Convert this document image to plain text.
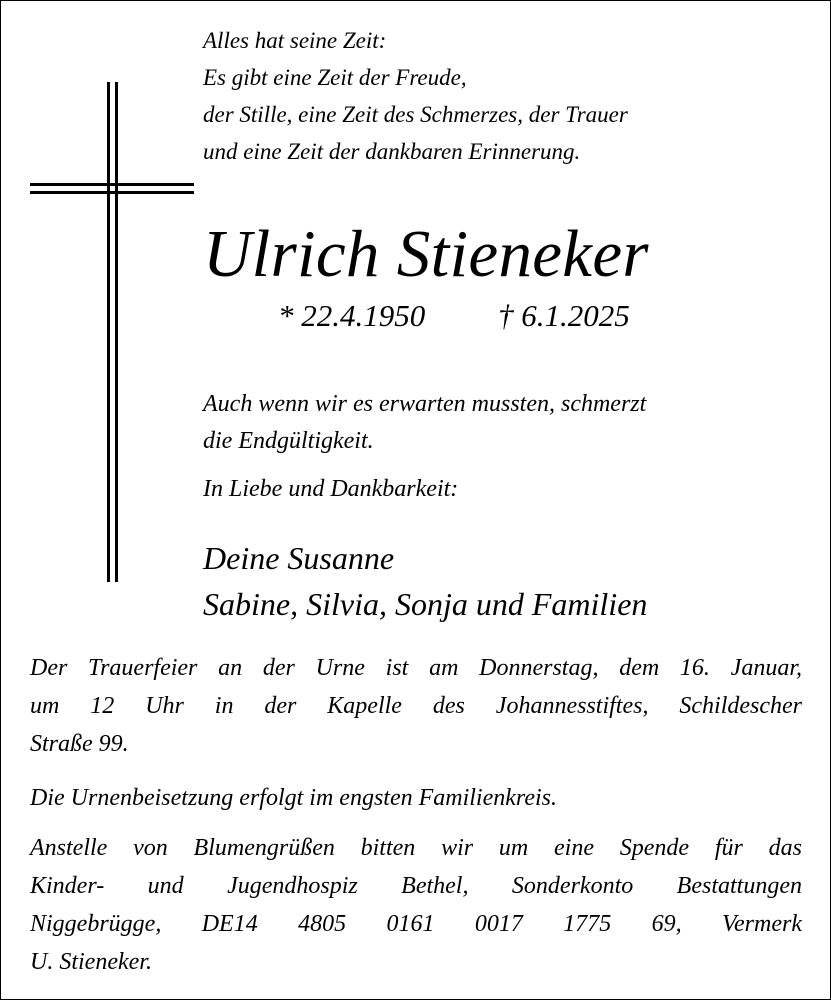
Alles hat seine Zeit:
Es gibt eine Zeit der Freude,
der Stille, eine Zeit des Schmerzes, der Trauer
und eine Zeit der dankbaren Erinnerung.
Ulrich Stieneker
* 22.4.1950 † 6.1.2025
Auch wenn wir es erwarten mussten, schmerzt
die Endgültigkeit.
In Liebe und Dankbarkeit:
Deine Susanne
Sabine, Silvia, Sonja und Familien
Der Trauerfeier an der Urne ist am Donnerstag, dem 16. Januar,
um 12 Uhr in der Kapelle des Johannesstiftes, Schildescher
Straße 99.
Die Urnenbeisetzung erfolgt im engsten Familienkreis.
Anstelle von Blumengrüßen bitten wir um eine Spende für das
Kinder- und Jugendhospiz Bethel, Sonderkonto Bestattungen
Niggebrügge, DE14 4805 0161 0017 1775 69, Vermerk
U. Stieneker.
